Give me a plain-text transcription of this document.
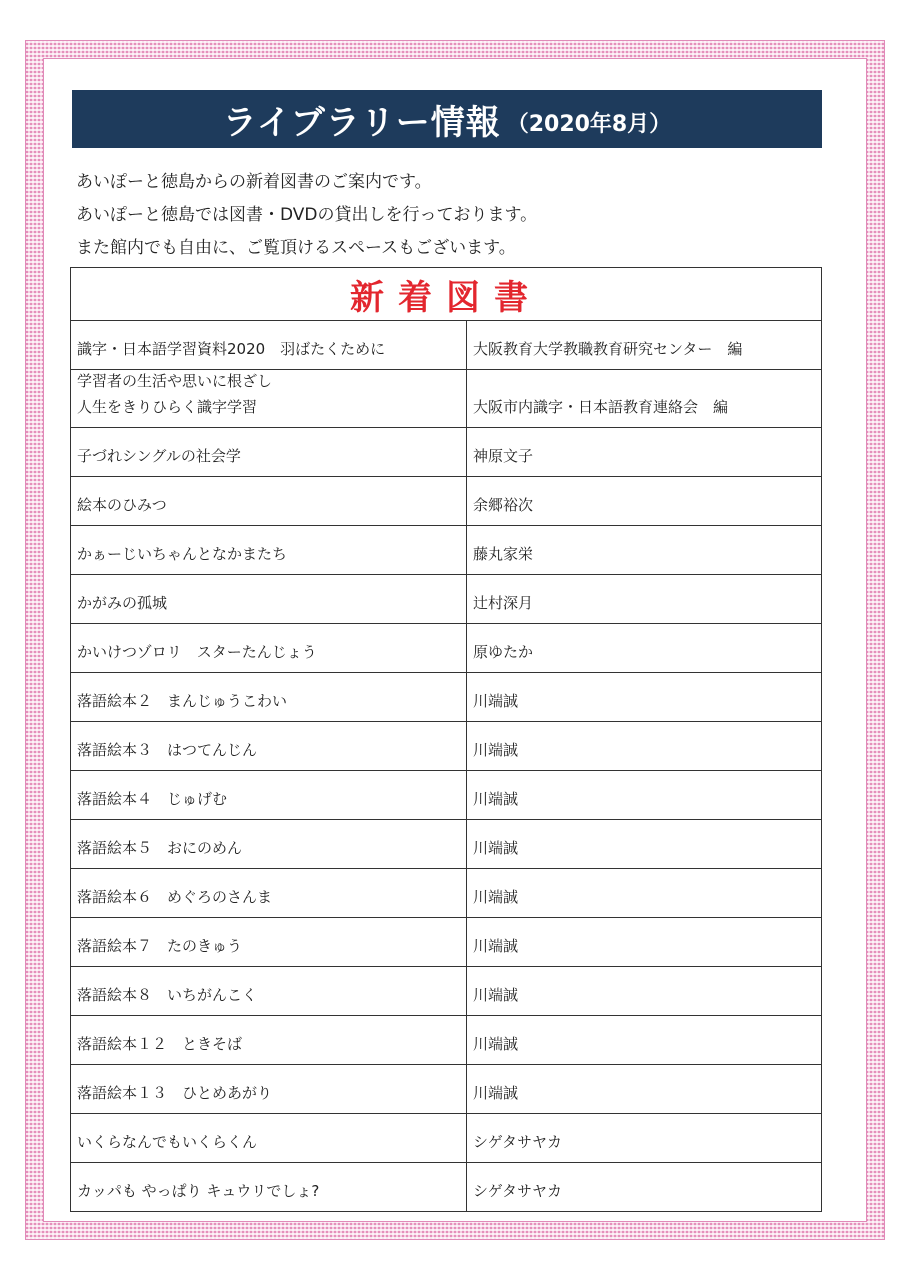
ライブラリー情報 （2020年8月）

あいぽーと徳島からの新着図書のご案内です。

あいぽーと徳島では図書・DVDの貸出しを行っております。

また館内でも自由に、ご覧頂けるスペースもございます。

新着図書
識字・日本語学習資料2020　羽ばたくために	大阪教育大学教職教育研究センター　編
学習者の生活や思いに根ざし
人生をきりひらく識字学習	大阪市内識字・日本語教育連絡会　編
子づれシングルの社会学	神原文子
絵本のひみつ	余郷裕次
かぁーじいちゃんとなかまたち	藤丸家栄
かがみの孤城	辻村深月
かいけつゾロリ　スターたんじょう	原ゆたか
落語絵本２　まんじゅうこわい	川端誠
落語絵本３　はつてんじん	川端誠
落語絵本４　じゅげむ	川端誠
落語絵本５　おにのめん	川端誠
落語絵本６　めぐろのさんま	川端誠
落語絵本７　たのきゅう	川端誠
落語絵本８　いちがんこく	川端誠
落語絵本１２　ときそば	川端誠
落語絵本１３　ひとめあがり	川端誠
いくらなんでもいくらくん	シゲタサヤカ
カッパも やっぱり キュウリでしょ?	シゲタサヤカ
